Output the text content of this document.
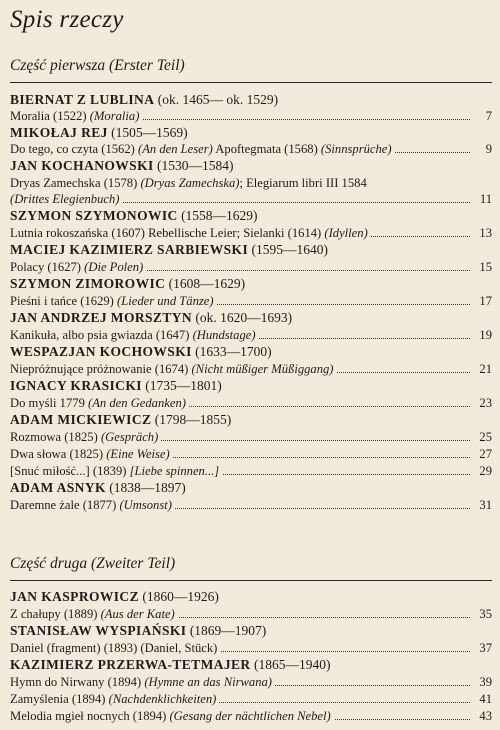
Spis rzeczy
Część pierwsza (Erster Teil)
BIERNAT Z LUBLINA (ok. 1465— ok. 1529)
Moralia (1522) (Moralia)	7
MIKOŁAJ REJ (1505—1569)
Do tego, co czyta (1562) (An den Leser) Apoftegmata (1568) (Sinnsprüche)	9
JAN KOCHANOWSKI (1530—1584)
Dryas Zamechska (1578) (Dryas Zamechska); Elegiarum libri III 1584
(Drittes Elegienbuch)	11
SZYMON SZYMONOWIC (1558—1629)
Lutnia rokoszańska (1607) Rebellische Leier; Sielanki (1614) (Idyllen)	13
MACIEJ KAZIMIERZ SARBIEWSKI (1595—1640)
Polacy (1627) (Die Polen)	15
SZYMON ZIMOROWIC (1608—1629)
Pieśni i tańce (1629) (Lieder und Tänze)	17
JAN ANDRZEJ MORSZTYN (ok. 1620—1693)
Kanikuła, albo psia gwiazda (1647) (Hundstage)	19
WESPAZJAN KOCHOWSKI (1633—1700)
Niepróżnujące próżnowanie (1674) (Nicht müßiger Müßiggang)	21
IGNACY KRASICKI (1735—1801)
Do myśli 1779 (An den Gedanken)	23
ADAM MICKIEWICZ (1798—1855)
Rozmowa (1825) (Gespräch)	25
Dwa słowa (1825) (Eine Weise)	27
[Snuć miłość...] (1839) [Liebe spinnen...]	29
ADAM ASNYK (1838—1897)
Daremne żale (1877) (Umsonst)	31
Część druga (Zweiter Teil)
JAN KASPROWICZ (1860—1926)
Z chałupy (1889) (Aus der Kate)	35
STANISŁAW WYSPIAŃSKI (1869—1907)
Daniel (fragment) (1893) (Daniel, Stück)	37
KAZIMIERZ PRZERWA-TETMAJER (1865—1940)
Hymn do Nirwany (1894) (Hymne an das Nirwana)	39
Zamyślenia (1894) (Nachdenklichkeiten)	41
Melodia mgieł nocnych (1894) (Gesang der nächtlichen Nebel)	43
